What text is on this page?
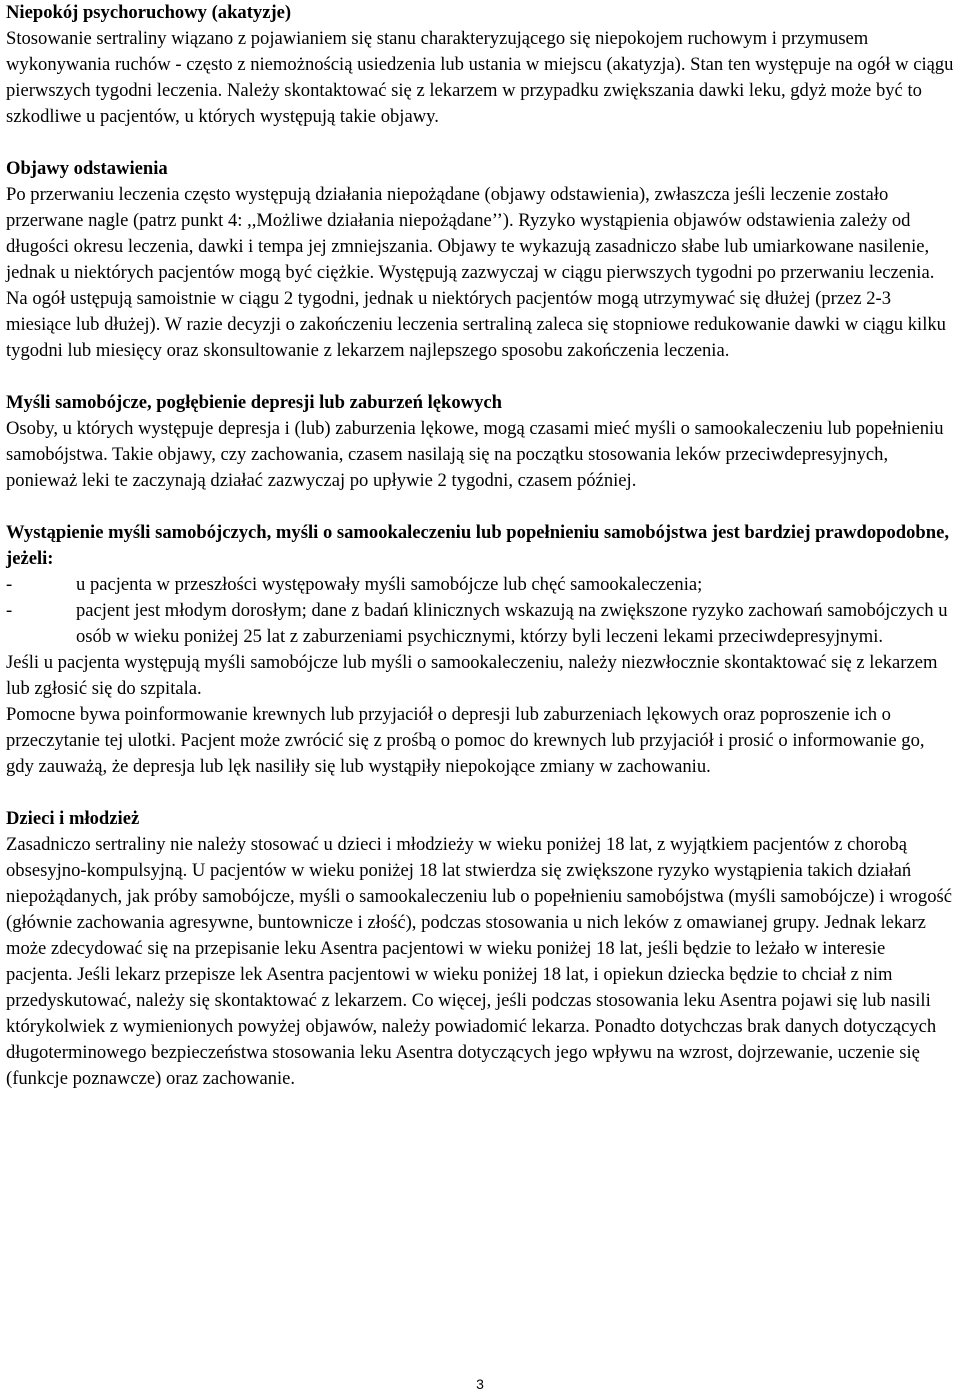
Niepokój psychoruchowy (akatyzje)

Stosowanie sertraliny wiązano z pojawianiem się stanu charakteryzującego się niepokojem ruchowym i przymusem wykonywania ruchów - często z niemożnością usiedzenia lub ustania w miejscu (akatyzja). Stan ten występuje na ogół w ciągu pierwszych tygodni leczenia. Należy skontaktować się z lekarzem w przypadku zwiększania dawki leku, gdyż może być to szkodliwe u pacjentów, u których występują takie objawy.

Objawy odstawienia

Po przerwaniu leczenia często występują działania niepożądane (objawy odstawienia), zwłaszcza jeśli leczenie zostało przerwane nagle (patrz punkt 4: ,,Możliwe działania niepożądane’’). Ryzyko wystąpienia objawów odstawienia zależy od długości okresu leczenia, dawki i tempa jej zmniejszania. Objawy te wykazują zasadniczo słabe lub umiarkowane nasilenie, jednak u niektórych pacjentów mogą być ciężkie. Występują zazwyczaj w ciągu pierwszych tygodni po przerwaniu leczenia. Na ogół ustępują samoistnie w ciągu 2 tygodni, jednak u niektórych pacjentów mogą utrzymywać się dłużej (przez 2-3 miesiące lub dłużej). W razie decyzji o zakończeniu leczenia sertraliną zaleca się stopniowe redukowanie dawki w ciągu kilku tygodni lub miesięcy oraz skonsultowanie z lekarzem najlepszego sposobu zakończenia leczenia.

Myśli samobójcze, pogłębienie depresji lub zaburzeń lękowych

Osoby, u których występuje depresja i (lub) zaburzenia lękowe, mogą czasami mieć myśli o samookaleczeniu lub popełnieniu samobójstwa. Takie objawy, czy zachowania, czasem nasilają się na początku stosowania leków przeciwdepresyjnych, ponieważ leki te zaczynają działać zazwyczaj po upływie 2 tygodni, czasem później.

Wystąpienie myśli samobójczych, myśli o samookaleczeniu lub popełnieniu samobójstwa jest bardziej prawdopodobne, jeżeli:
-	u pacjenta w przeszłości występowały myśli samobójcze lub chęć samookaleczenia;
-	pacjent jest młodym dorosłym; dane z badań klinicznych wskazują na zwiększone ryzyko zachowań samobójczych u osób w wieku poniżej 25 lat z zaburzeniami psychicznymi, którzy byli leczeni lekami przeciwdepresyjnymi.

Jeśli u pacjenta występują myśli samobójcze lub myśli o samookaleczeniu, należy niezwłocznie skontaktować się z lekarzem lub zgłosić się do szpitala.

Pomocne bywa poinformowanie krewnych lub przyjaciół o depresji lub zaburzeniach lękowych oraz poproszenie ich o przeczytanie tej ulotki. Pacjent może zwrócić się z prośbą o pomoc do krewnych lub przyjaciół i prosić o informowanie go, gdy zauważą, że depresja lub lęk nasiliły się lub wystąpiły niepokojące zmiany w zachowaniu.

Dzieci i młodzież

Zasadniczo sertraliny nie należy stosować u dzieci i młodzieży w wieku poniżej 18 lat, z wyjątkiem pacjentów z chorobą obsesyjno-kompulsyjną. U pacjentów w wieku poniżej 18 lat stwierdza się zwiększone ryzyko wystąpienia takich działań niepożądanych, jak próby samobójcze, myśli o samookaleczeniu lub o popełnieniu samobójstwa (myśli samobójcze) i wrogość (głównie zachowania agresywne, buntownicze i złość), podczas stosowania u nich leków z omawianej grupy. Jednak lekarz może zdecydować się na przepisanie leku Asentra pacjentowi w wieku poniżej 18 lat, jeśli będzie to leżało w interesie pacjenta. Jeśli lekarz przepisze lek Asentra pacjentowi w wieku poniżej 18 lat, i opiekun dziecka będzie to chciał z nim przedyskutować, należy się skontaktować z lekarzem. Co więcej, jeśli podczas stosowania leku Asentra pojawi się lub nasili którykolwiek z wymienionych powyżej objawów, należy powiadomić lekarza. Ponadto dotychczas brak danych dotyczących długoterminowego bezpieczeństwa stosowania leku Asentra dotyczących jego wpływu na wzrost, dojrzewanie, uczenie się (funkcje poznawcze) oraz zachowanie.

3
